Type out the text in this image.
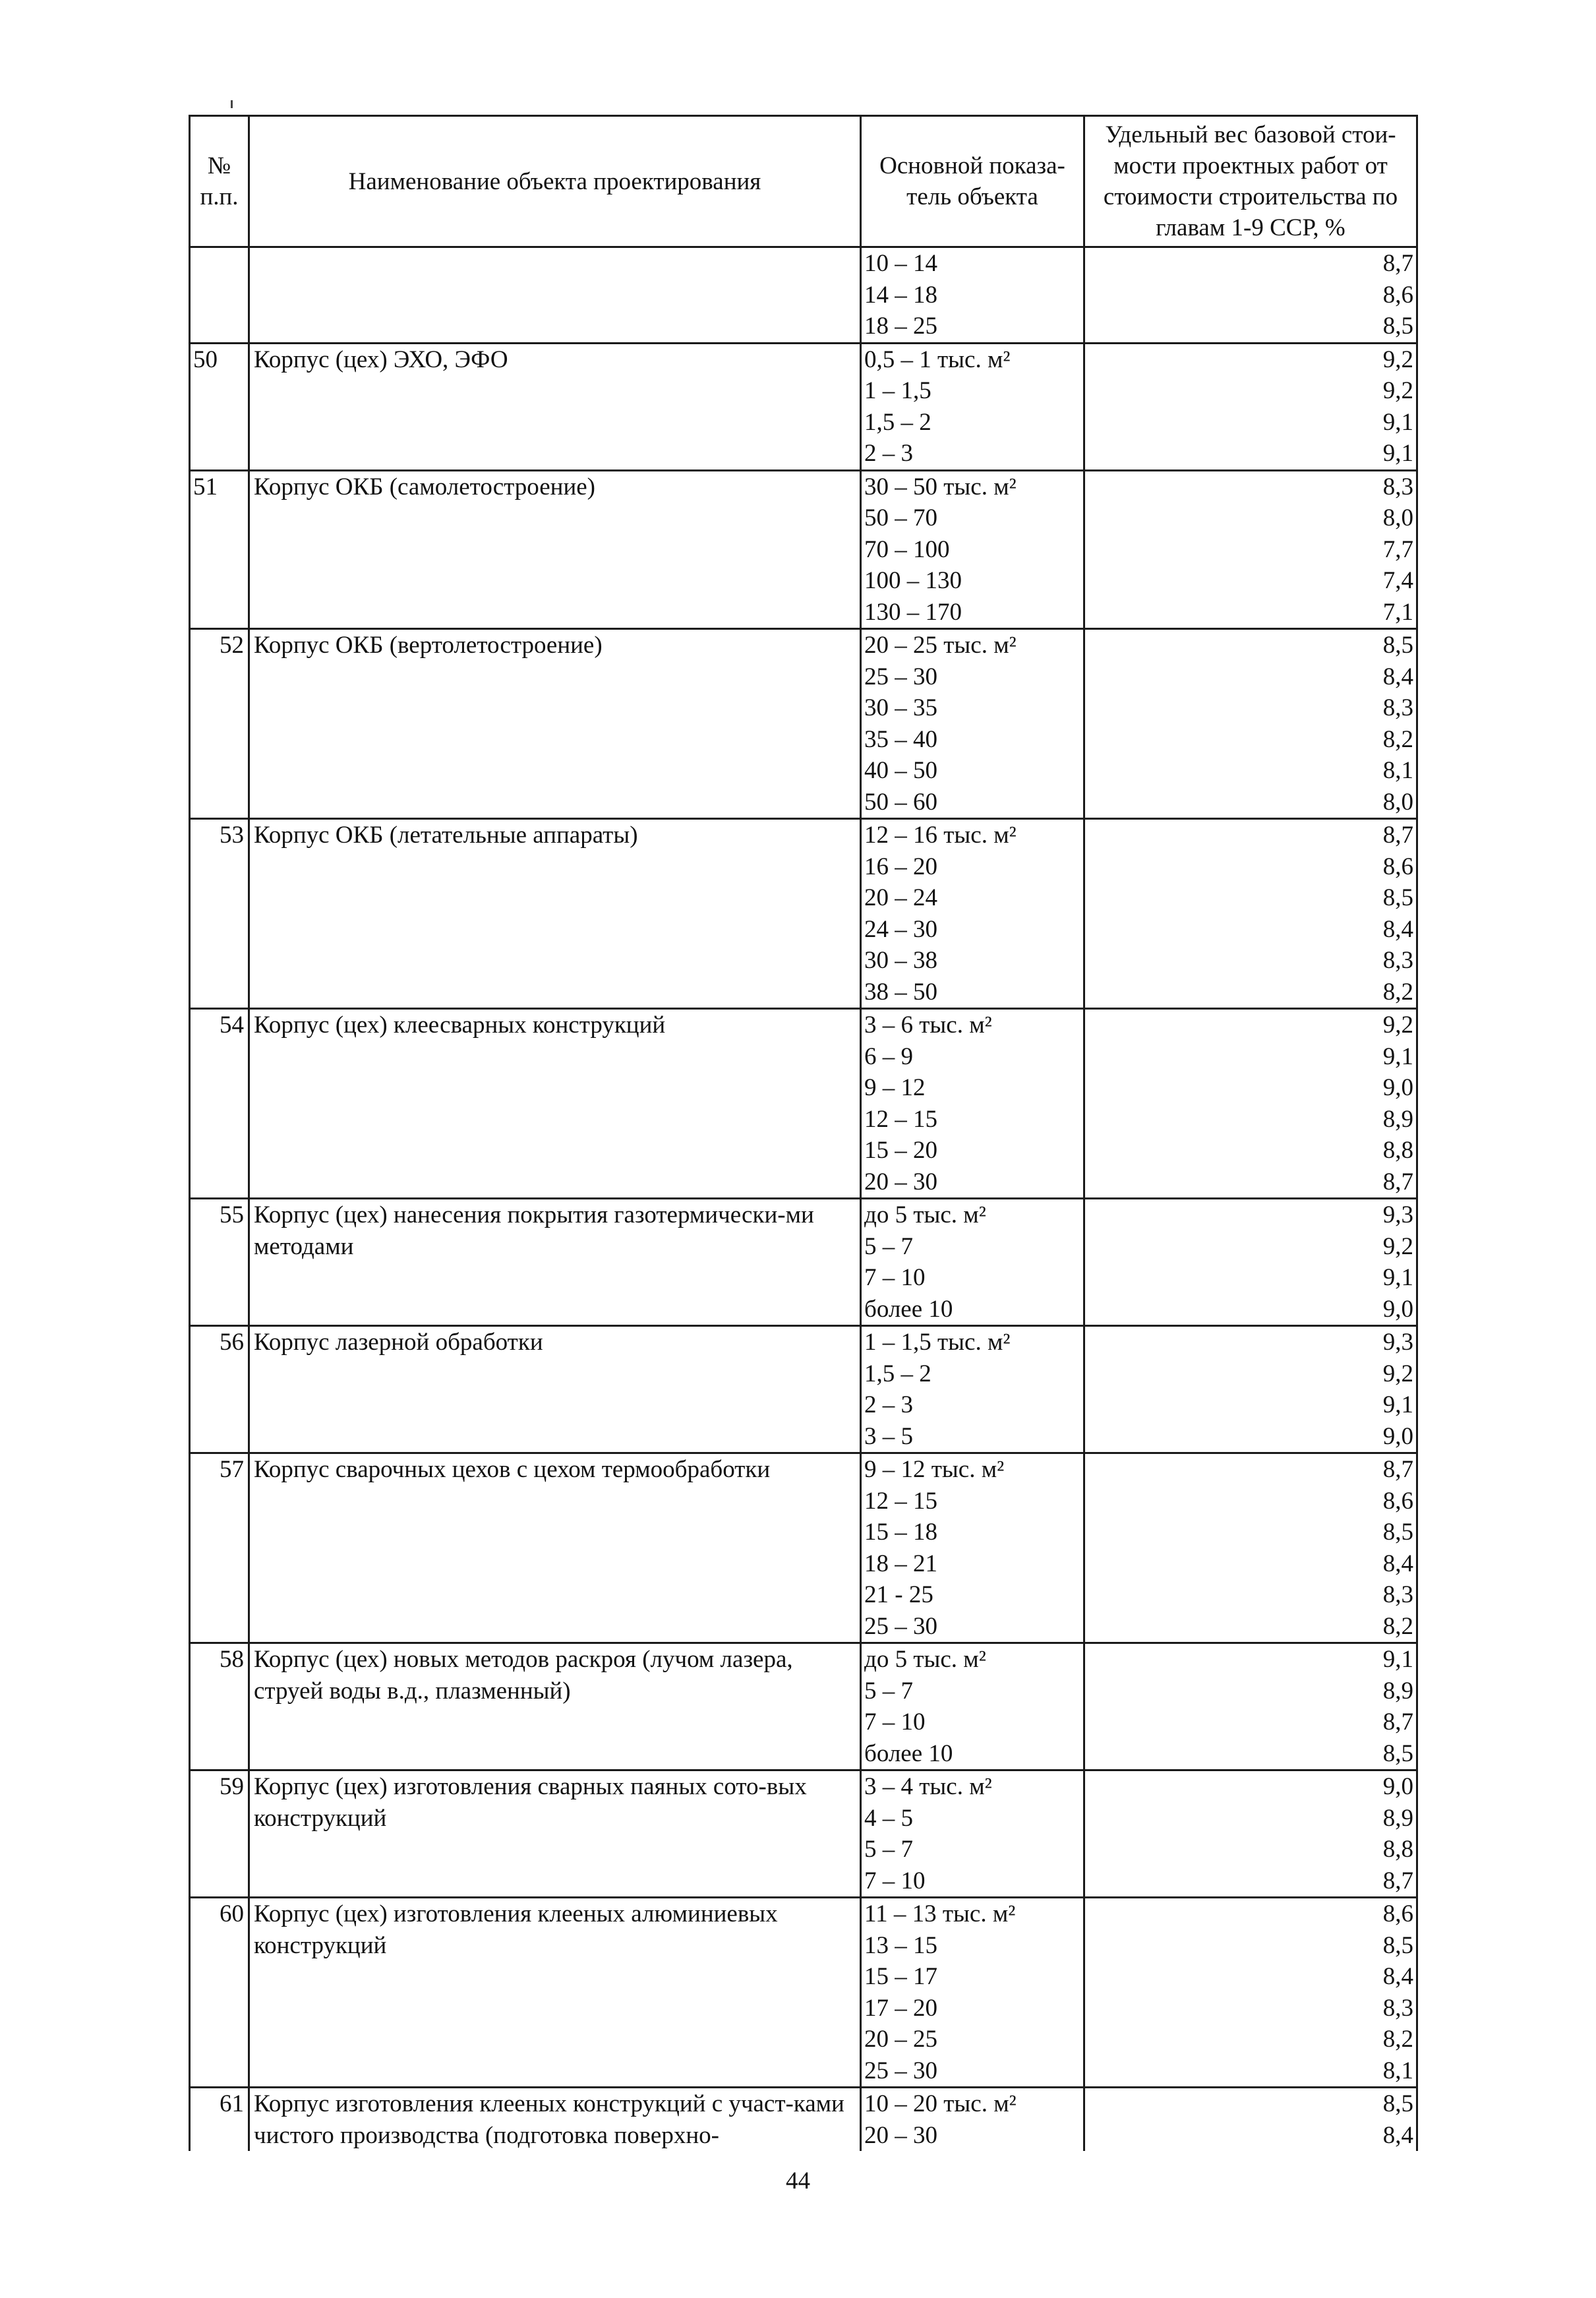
№ п.п.	Наименование объекта проектирования	Основной показа-тель объекта	Удельный вес базовой стои-мости проектных работ от стоимости строительства по главам 1-9 ССР, %

		10 – 14	8,7
		14 – 18	8,6
		18 – 25	8,5
50	Корпус (цех) ЭХО, ЭФО	0,5 – 1 тыс. м²	9,2
		1 – 1,5	9,2
		1,5 – 2	9,1
		2 – 3	9,1
51	Корпус ОКБ (самолетостроение)	30 – 50 тыс. м²	8,3
		50 – 70	8,0
		70 – 100	7,7
		100 – 130	7,4
		130 – 170	7,1
52	Корпус ОКБ (вертолетостроение)	20 – 25 тыс. м²	8,5
		25 – 30	8,4
		30 – 35	8,3
		35 – 40	8,2
		40 – 50	8,1
		50 – 60	8,0
53	Корпус ОКБ (летательные аппараты)	12 – 16 тыс. м²	8,7
		16 – 20	8,6
		20 – 24	8,5
		24 – 30	8,4
		30 – 38	8,3
		38 – 50	8,2
54	Корпус (цех) клеесварных конструкций	3 – 6 тыс. м²	9,2
		6 – 9	9,1
		9 – 12	9,0
		12 – 15	8,9
		15 – 20	8,8
		20 – 30	8,7
55	Корпус (цех) нанесения покрытия газотермически-ми методами	до 5 тыс. м²	9,3
		5 – 7	9,2
		7 – 10	9,1
		более 10	9,0
56	Корпус лазерной обработки	1 – 1,5 тыс. м²	9,3
		1,5 – 2	9,2
		2 – 3	9,1
		3 – 5	9,0
57	Корпус сварочных цехов с цехом термообработки	9 – 12 тыс. м²	8,7
		12 – 15	8,6
		15 – 18	8,5
		18 – 21	8,4
		21 - 25	8,3
		25 – 30	8,2
58	Корпус (цех) новых методов раскроя (лучом лазера, струей воды в.д., плазменный)	до 5 тыс. м²	9,1
		5 – 7	8,9
		7 – 10	8,7
		более 10	8,5
59	Корпус (цех) изготовления сварных паяных сото-вых конструкций	3 – 4 тыс. м²	9,0
		4 – 5	8,9
		5 – 7	8,8
		7 – 10	8,7
60	Корпус (цех) изготовления клееных алюминиевых конструкций	11 – 13 тыс. м²	8,6
		13 – 15	8,5
		15 – 17	8,4
		17 – 20	8,3
		20 – 25	8,2
		25 – 30	8,1
61	Корпус изготовления клееных конструкций с участ-ками чистого производства (подготовка поверхно-	10 – 20 тыс. м²	8,5
		20 – 30	8,4
44
